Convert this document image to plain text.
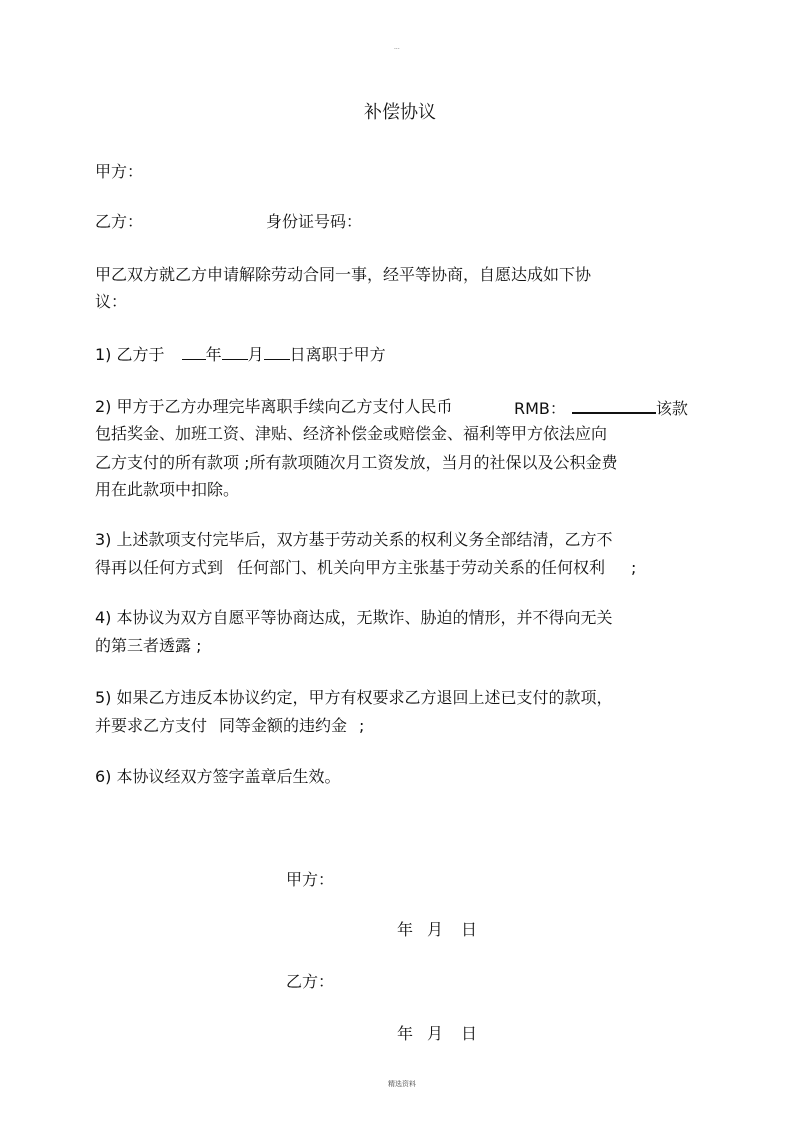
...
补偿协议
甲方：
乙方：	身份证号码：
甲乙双方就乙方申请解除劳动合同一事，经平等协商，自愿达成如下协
议：
1) 乙方于	年 月 日离职于甲方
2) 甲方于乙方办理完毕离职手续向乙方支付人民币	RMB：	该款
包括奖金、加班工资、津贴、经济补偿金或赔偿金、福利等甲方依法应向
乙方支付的所有款项 ;所有款项随次月工资发放，当月的社保以及公积金费
用在此款项中扣除。
3) 上述款项支付完毕后，双方基于劳动关系的权利义务全部结清，乙方不
得再以任何方式到 任何部门、机关向甲方主张基于劳动关系的任何权利 ;
4) 本协议为双方自愿平等协商达成，无欺诈、胁迫的情形，并不得向无关
的第三者透露 ;
5) 如果乙方违反本协议约定，甲方有权要求乙方退回上述已支付的款项，
并要求乙方支付 同等金额的违约金 ;
6) 本协议经双方签字盖章后生效。
甲方：
年 月 日
乙方：
年 月 日
精选资料
